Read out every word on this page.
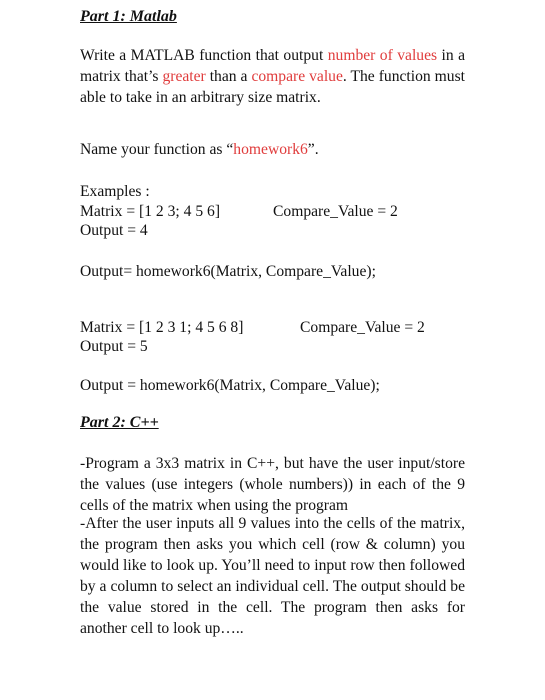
Part 1: Matlab
Write a MATLAB function that output number of values in a matrix that’s greater than a compare value. The function must able to take in an arbitrary size matrix.
Name your function as “homework6”.
Examples :
Matrix = [1 2 3; 4 5 6]	Compare_Value = 2
Output = 4
Output= homework6(Matrix, Compare_Value);
Matrix = [1 2 3 1; 4 5 6 8]	Compare_Value = 2
Output = 5
Output = homework6(Matrix, Compare_Value);
Part 2: C++
-Program a 3x3 matrix in C++, but have the user input/store the values (use integers (whole numbers)) in each of the 9 cells of the matrix when using the program
-After the user inputs all 9 values into the cells of the matrix, the program then asks you which cell (row & column) you would like to look up. You’ll need to input row then followed by a column to select an individual cell. The output should be the value stored in the cell. The program then asks for another cell to look up…..
